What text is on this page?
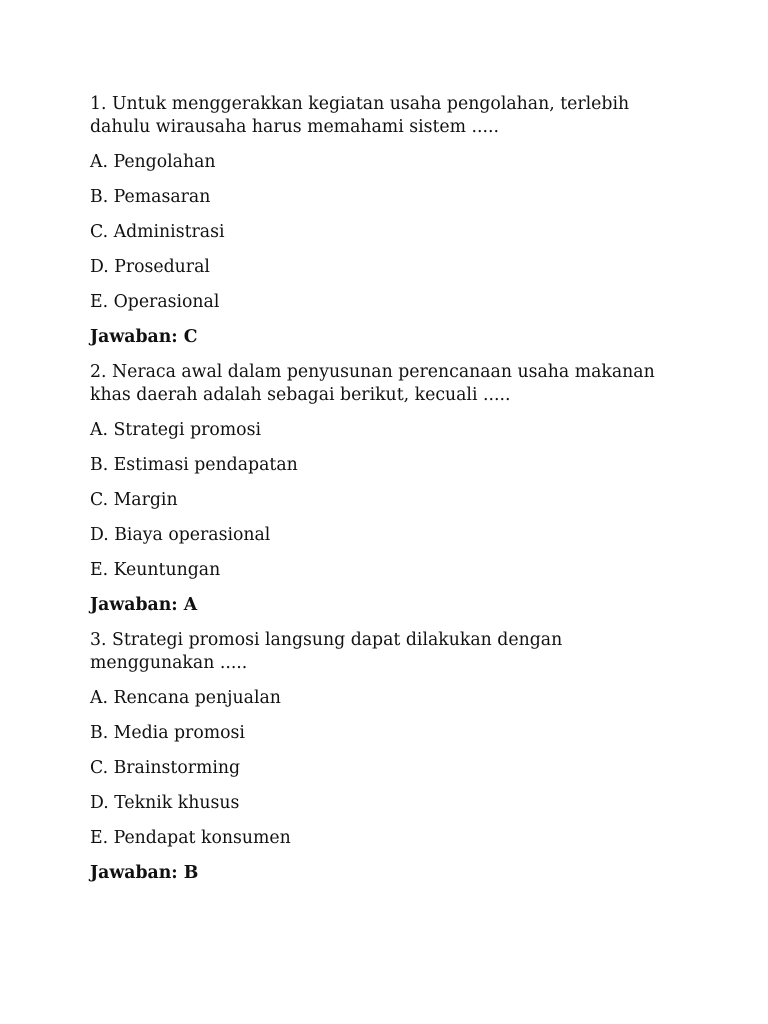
1. Untuk menggerakkan kegiatan usaha pengolahan, terlebih dahulu wirausaha harus memahami sistem .....

A. Pengolahan

B. Pemasaran

C. Administrasi

D. Prosedural

E. Operasional

Jawaban: C

2. Neraca awal dalam penyusunan perencanaan usaha makanan khas daerah adalah sebagai berikut, kecuali .....

A. Strategi promosi

B. Estimasi pendapatan

C. Margin

D. Biaya operasional

E. Keuntungan

Jawaban: A

3. Strategi promosi langsung dapat dilakukan dengan menggunakan .....

A. Rencana penjualan

B. Media promosi

C. Brainstorming

D. Teknik khusus

E. Pendapat konsumen

Jawaban: B
